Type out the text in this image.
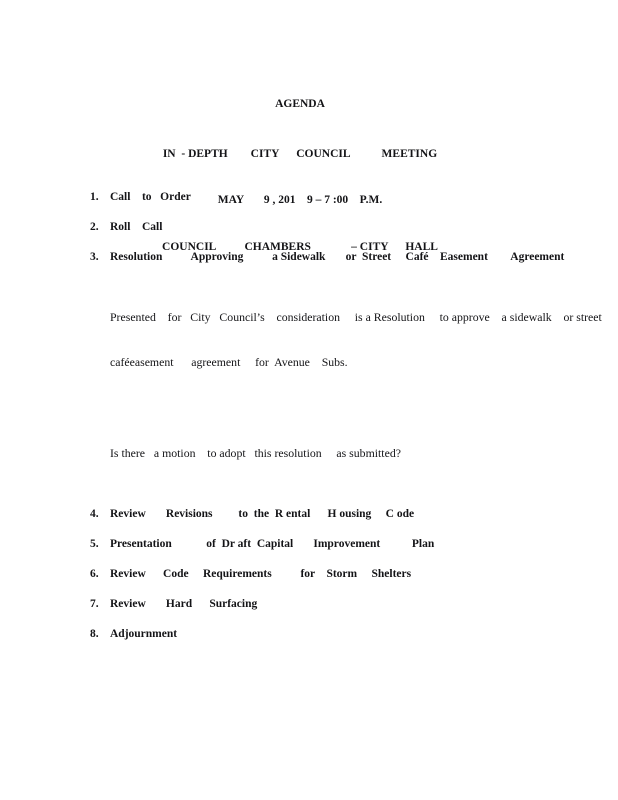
AGENDA

IN  - DEPTH        CITY      COUNCIL           MEETING

MAY       9 , 201    9 – 7 :00    P.M.

COUNCIL          CHAMBERS              – CITY      HALL

1. Call    to   Order
2. Roll    Call
3. Resolution          Approving          a Sidewalk       or  Street     Café    Easement        Agreement

Presented    for   City   Council’s    consideration     is a Resolution     to approve    a sidewalk    or street

caféeasement      agreement     for  Avenue    Subs.

Is there   a motion    to adopt   this resolution     as submitted?

4. Review       Revisions         to  the  R ental      H ousing     C ode
5. Presentation            of  Dr aft  Capital       Improvement           Plan
6. Review      Code     Requirements          for    Storm     Shelters
7. Review       Hard      Surfacing
8. Adjournment
